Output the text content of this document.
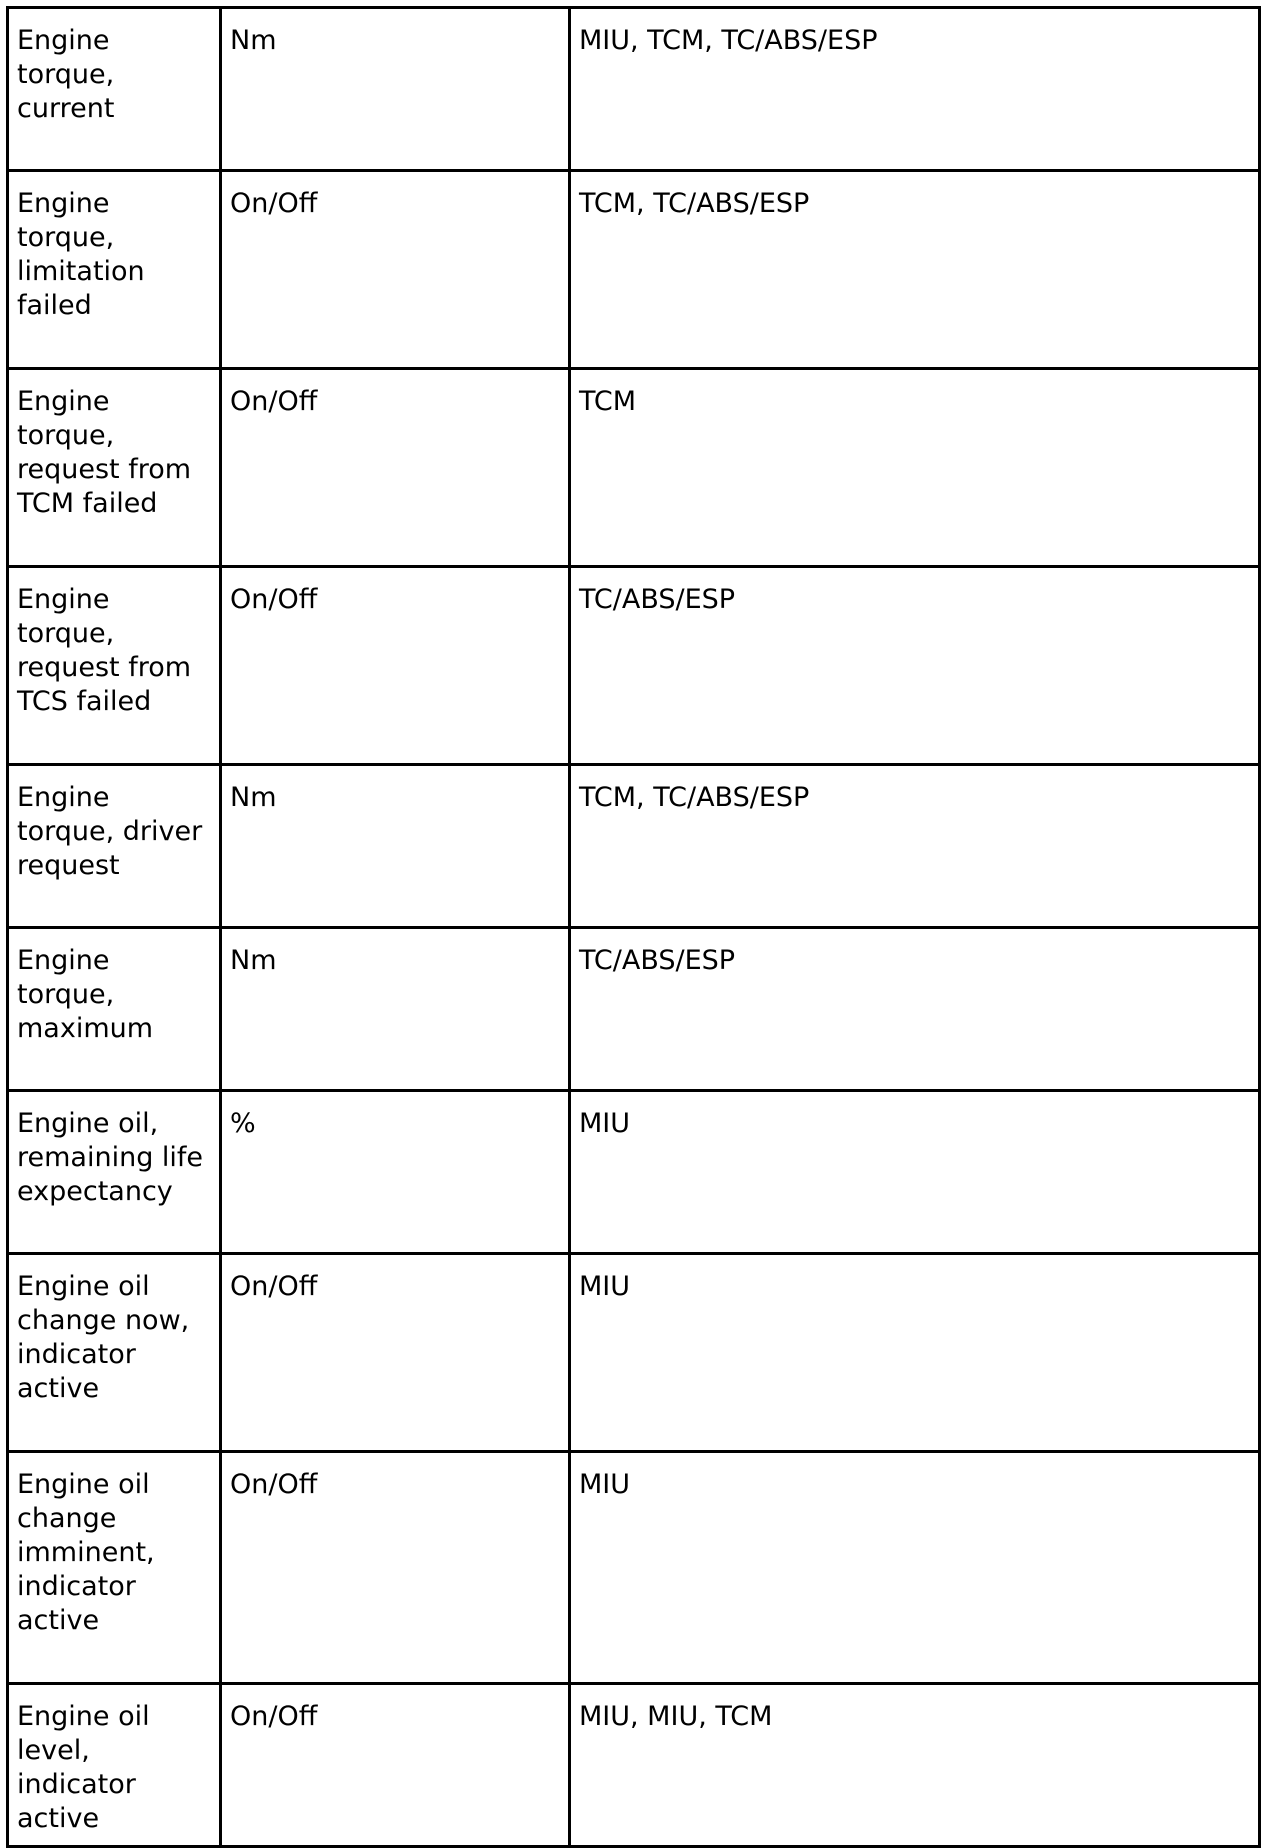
Engine torque, current	Nm	MIU, TCM, TC/ABS/ESP
Engine torque, limitation failed	On/Off	TCM, TC/ABS/ESP
Engine torque, request from TCM failed	On/Off	TCM
Engine torque, request from TCS failed	On/Off	TC/ABS/ESP
Engine torque, driver request	Nm	TCM, TC/ABS/ESP
Engine torque, maximum	Nm	TC/ABS/ESP
Engine oil, remaining life expectancy	%	MIU
Engine oil change now, indicator active	On/Off	MIU
Engine oil change imminent, indicator active	On/Off	MIU
Engine oil level, indicator active	On/Off	MIU, MIU, TCM
